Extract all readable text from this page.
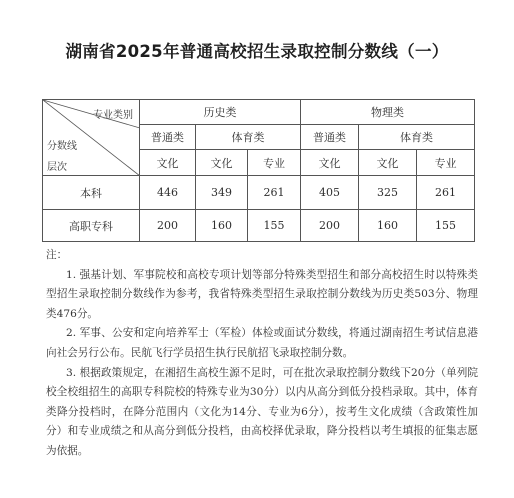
湖南省2025年普通高校招生录取控制分数线（一）
专业类别
分数线
层次	历史类			物理类		
	普通类	体育类		普通类	体育类	
	文化	文化	专业	文化	文化	专业
本科	446	349	261	405	325	261
高职专科	200	160	155	200	160	155

注：

1. 强基计划、军事院校和高校专项计划等部分特殊类型招生和部分高校招生时以特殊类型招生录取控制分数线作为参考，我省特殊类型招生录取控制分数线为历史类503分、物理类476分。

2. 军事、公安和定向培养军士（军检）体检或面试分数线，将通过湖南招生考试信息港向社会另行公布。民航飞行学员招生执行民航招飞录取控制分数。

3. 根据政策规定，在湘招生高校生源不足时，可在批次录取控制分数线下20分（单列院校全校组招生的高职专科院校的特殊专业为30分）以内从高分到低分投档录取。其中，体育类降分投档时，在降分范围内（文化为14分、专业为6分），按考生文化成绩（含政策性加分）和专业成绩之和从高分到低分投档，由高校择优录取，降分投档以考生填报的征集志愿为依据。
